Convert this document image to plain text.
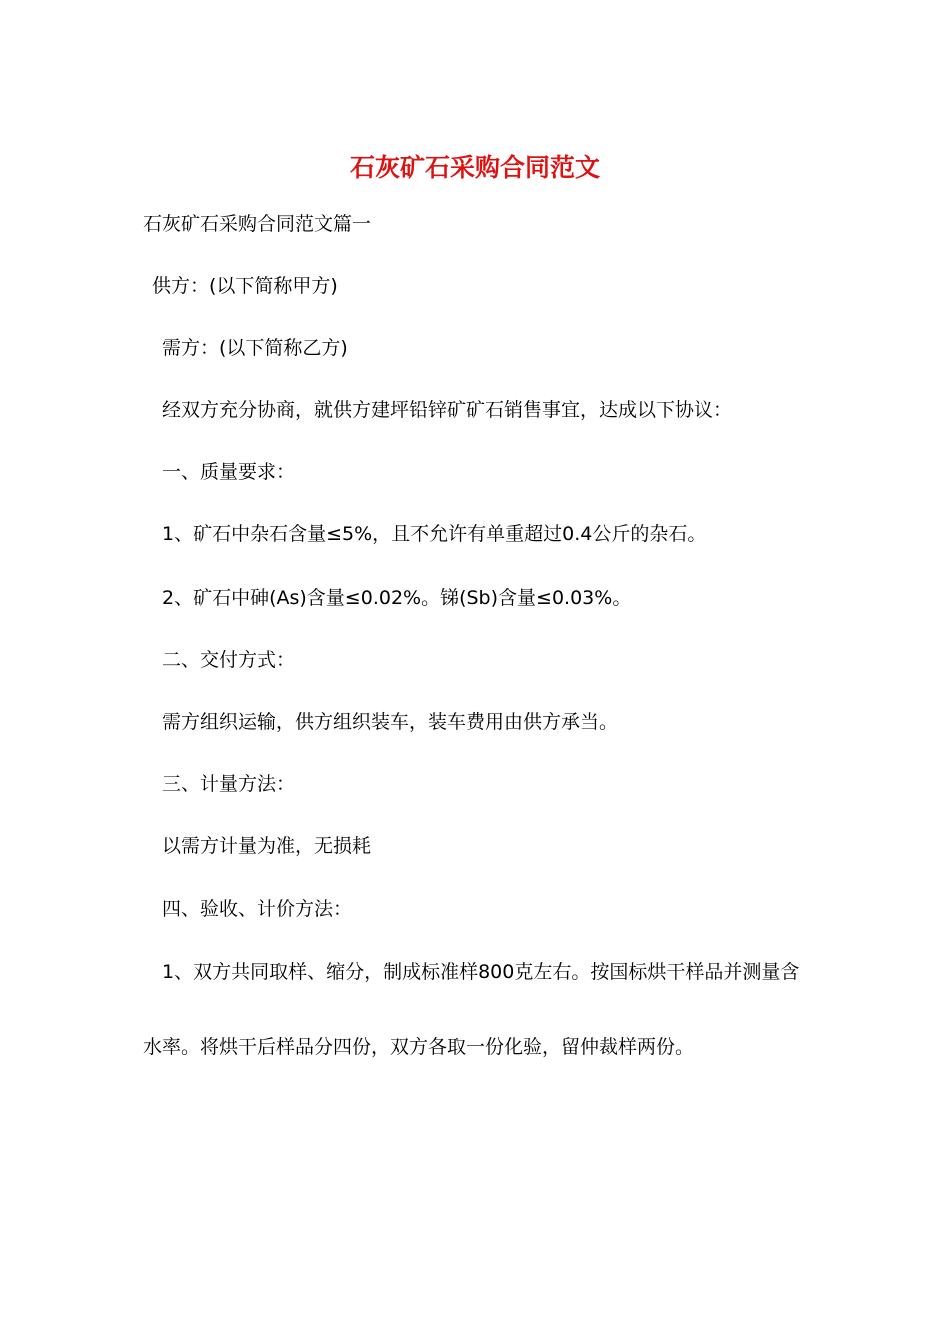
石灰矿石采购合同范文
石灰矿石采购合同范文篇一
供方：(以下简称甲方)
需方：(以下简称乙方)
经双方充分协商，就供方建坪铅锌矿矿石销售事宜，达成以下协议：
一、质量要求：
1、矿石中杂石含量≤5%，且不允许有单重超过0.4公斤的杂石。
2、矿石中砷(As)含量≤0.02%。锑(Sb)含量≤0.03%。
二、交付方式：
需方组织运输，供方组织装车，装车费用由供方承当。
三、计量方法：
以需方计量为准，无损耗
四、验收、计价方法：
1、双方共同取样、缩分，制成标准样800克左右。按国标烘干样品并测量含
水率。将烘干后样品分四份，双方各取一份化验，留仲裁样两份。
